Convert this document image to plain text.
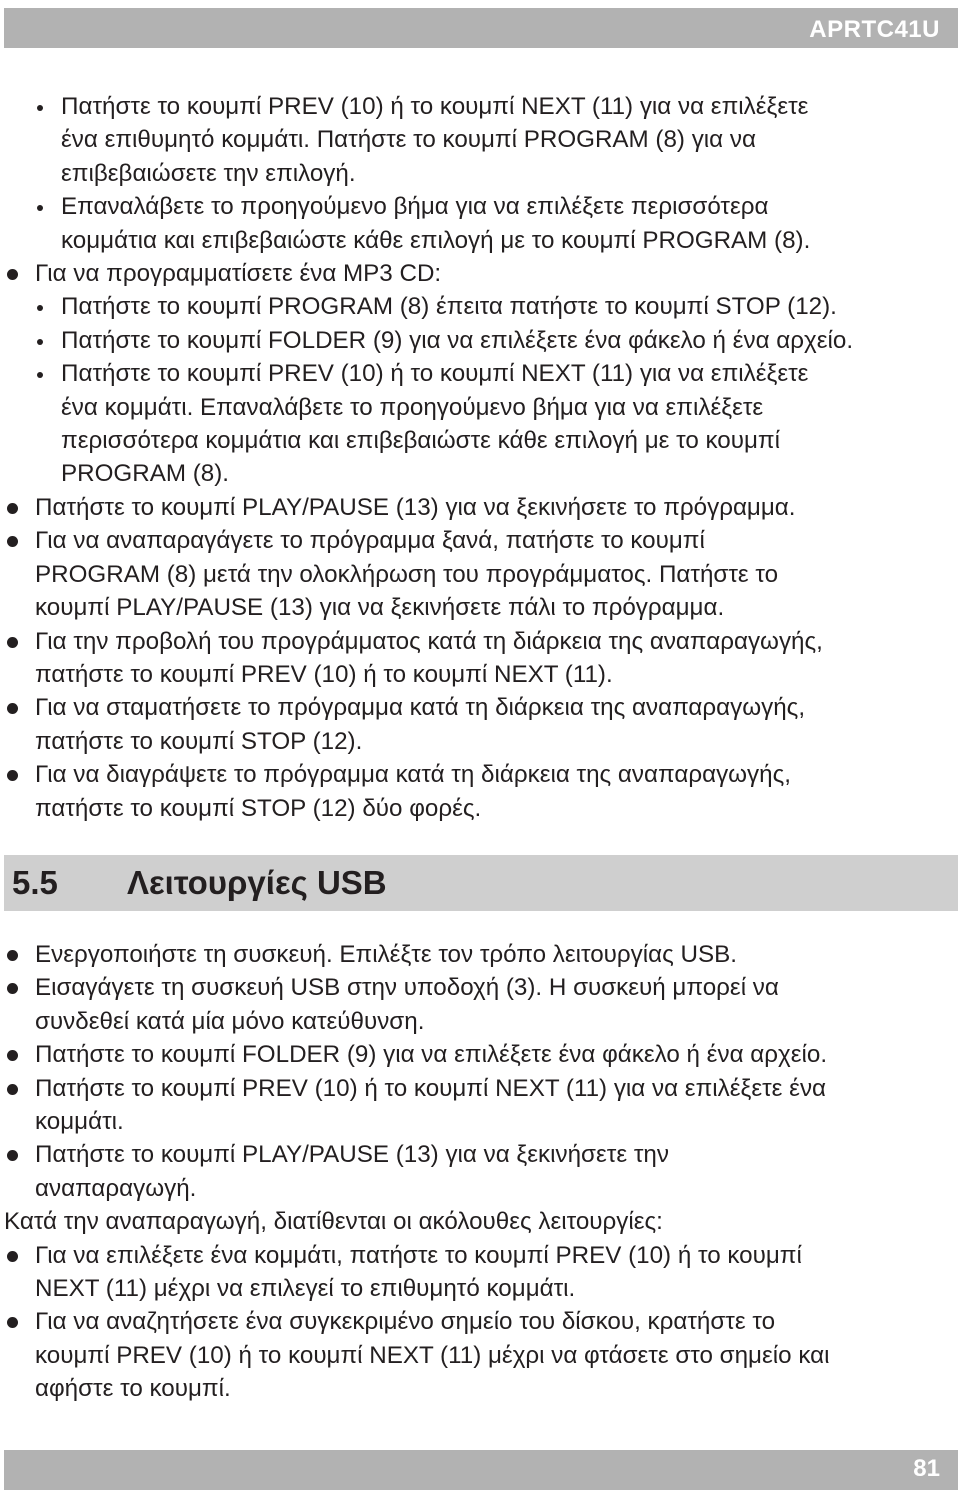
APRTC41U
Πατήστε το κουμπί PREV (10) ή το κουμπί NEXT (11) για να επιλέξετε
ένα επιθυμητό κομμάτι. Πατήστε το κουμπί PROGRAM (8) για να
επιβεβαιώσετε την επιλογή.
Επαναλάβετε το προηγούμενο βήμα για να επιλέξετε περισσότερα
κομμάτια και επιβεβαιώστε κάθε επιλογή με το κουμπί PROGRAM (8).
Για να προγραμματίσετε ένα MP3 CD:
Πατήστε το κουμπί PROGRAM (8) έπειτα πατήστε το κουμπί STOP (12).
Πατήστε το κουμπί FOLDER (9) για να επιλέξετε ένα φάκελο ή ένα αρχείο.
Πατήστε το κουμπί PREV (10) ή το κουμπί NEXT (11) για να επιλέξετε
ένα κομμάτι. Επαναλάβετε το προηγούμενο βήμα για να επιλέξετε
περισσότερα κομμάτια και επιβεβαιώστε κάθε επιλογή με το κουμπί
PROGRAM (8).
Πατήστε το κουμπί PLAY/PAUSE (13) για να ξεκινήσετε το πρόγραμμα.
Για να αναπαραγάγετε το πρόγραμμα ξανά, πατήστε το κουμπί
PROGRAM (8) μετά την ολοκλήρωση του προγράμματος. Πατήστε το
κουμπί PLAY/PAUSE (13) για να ξεκινήσετε πάλι το πρόγραμμα.
Για την προβολή του προγράμματος κατά τη διάρκεια της αναπαραγωγής,
πατήστε το κουμπί PREV (10) ή το κουμπί NEXT (11).
Για να σταματήσετε το πρόγραμμα κατά τη διάρκεια της αναπαραγωγής,
πατήστε το κουμπί STOP (12).
Για να διαγράψετε το πρόγραμμα κατά τη διάρκεια της αναπαραγωγής,
πατήστε το κουμπί STOP (12) δύο φορές.
5.5 Λειτουργίες USB
Ενεργοποιήστε τη συσκευή. Επιλέξτε τον τρόπο λειτουργίας USB.
Εισαγάγετε τη συσκευή USB στην υποδοχή (3). Η συσκευή μπορεί να
συνδεθεί κατά μία μόνο κατεύθυνση.
Πατήστε το κουμπί FOLDER (9) για να επιλέξετε ένα φάκελο ή ένα αρχείο.
Πατήστε το κουμπί PREV (10) ή το κουμπί NEXT (11) για να επιλέξετε ένα
κομμάτι.
Πατήστε το κουμπί PLAY/PAUSE (13) για να ξεκινήσετε την
αναπαραγωγή.
Κατά την αναπαραγωγή, διατίθενται οι ακόλουθες λειτουργίες:
Για να επιλέξετε ένα κομμάτι, πατήστε το κουμπί PREV (10) ή το κουμπί
NEXT (11) μέχρι να επιλεγεί το επιθυμητό κομμάτι.
Για να αναζητήσετε ένα συγκεκριμένο σημείο του δίσκου, κρατήστε το
κουμπί PREV (10) ή το κουμπί NEXT (11) μέχρι να φτάσετε στο σημείο και
αφήστε το κουμπί.
81
